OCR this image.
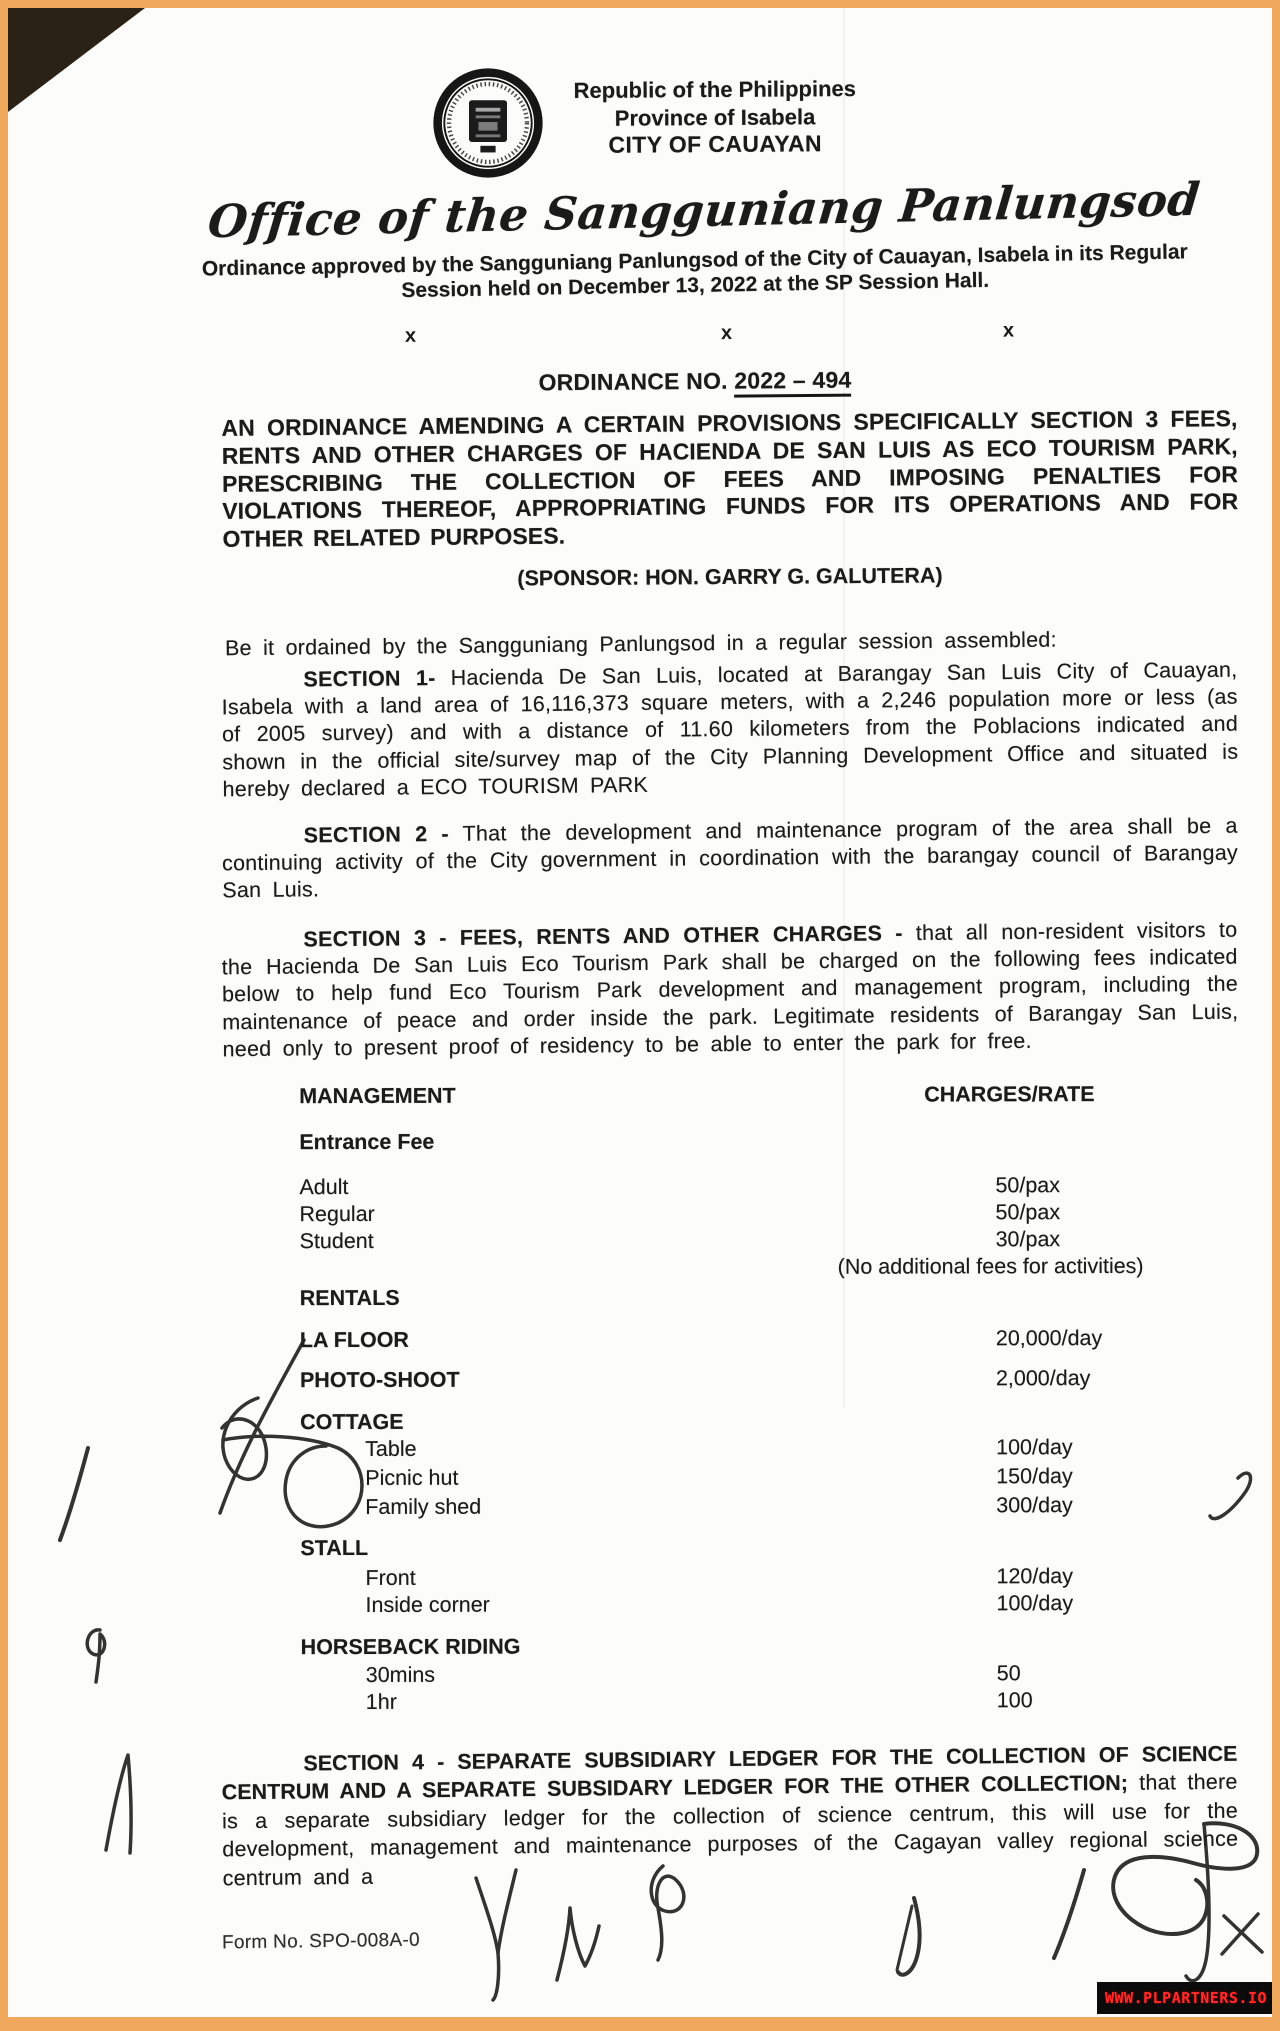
Republic of the Philippines
Province of Isabela
CITY OF CAUAYAN
Office of the Sangguniang Panlungsod
Ordinance approved by the Sangguniang Panlungsod of the City of Cauayan, Isabela in its Regular Session held on December 13, 2022 at the SP Session Hall.
x	x	x
ORDINANCE NO. 2022 – 494

AN ORDINANCE AMENDING A CERTAIN PROVISIONS SPECIFICALLY SECTION 3 FEES, RENTS AND OTHER CHARGES OF HACIENDA DE SAN LUIS AS ECO TOURISM PARK, PRESCRIBING THE COLLECTION OF FEES AND IMPOSING PENALTIES FOR VIOLATIONS THEREOF, APPROPRIATING FUNDS FOR ITS OPERATIONS AND FOR OTHER RELATED PURPOSES.

(SPONSOR: HON. GARRY G. GALUTERA)

Be it ordained by the Sangguniang Panlungsod in a regular session assembled:

SECTION 1- Hacienda De San Luis, located at Barangay San Luis City of Cauayan, Isabela with a land area of 16,116,373 square meters, with a 2,246 population more or less (as of 2005 survey) and with a distance of 11.60 kilometers from the Poblacions indicated and shown in the official site/survey map of the City Planning Development Office and situated is hereby declared a ECO TOURISM PARK

SECTION 2 - That the development and maintenance program of the area shall be a continuing activity of the City government in coordination with the barangay council of Barangay San Luis.

SECTION 3 - FEES, RENTS AND OTHER CHARGES - that all non-resident visitors to the Hacienda De San Luis Eco Tourism Park shall be charged on the following fees indicated below to help fund Eco Tourism Park development and management program, including the maintenance of peace and order inside the park. Legitimate residents of Barangay San Luis, need only to present proof of residency to be able to enter the park for free.

MANAGEMENT	CHARGES/RATE
Entrance Fee
Adult	50/pax
Regular	50/pax
Student	30/pax
(No additional fees for activities)
RENTALS
LA FLOOR	20,000/day
PHOTO-SHOOT	2,000/day
COTTAGE
Table	100/day
Picnic hut	150/day
Family shed	300/day
STALL
Front	120/day
Inside corner	100/day
HORSEBACK RIDING
30mins	50
1hr	100

SECTION 4 - SEPARATE SUBSIDIARY LEDGER FOR THE COLLECTION OF SCIENCE CENTRUM AND A SEPARATE SUBSIDARY LEDGER FOR THE OTHER COLLECTION; that there is a separate subsidiary ledger for the collection of science centrum, this will use for the development, management and maintenance purposes of the Cagayan valley regional science centrum and a

Form No. SPO-008A-0
WWW.PLPARTNERS.IO
